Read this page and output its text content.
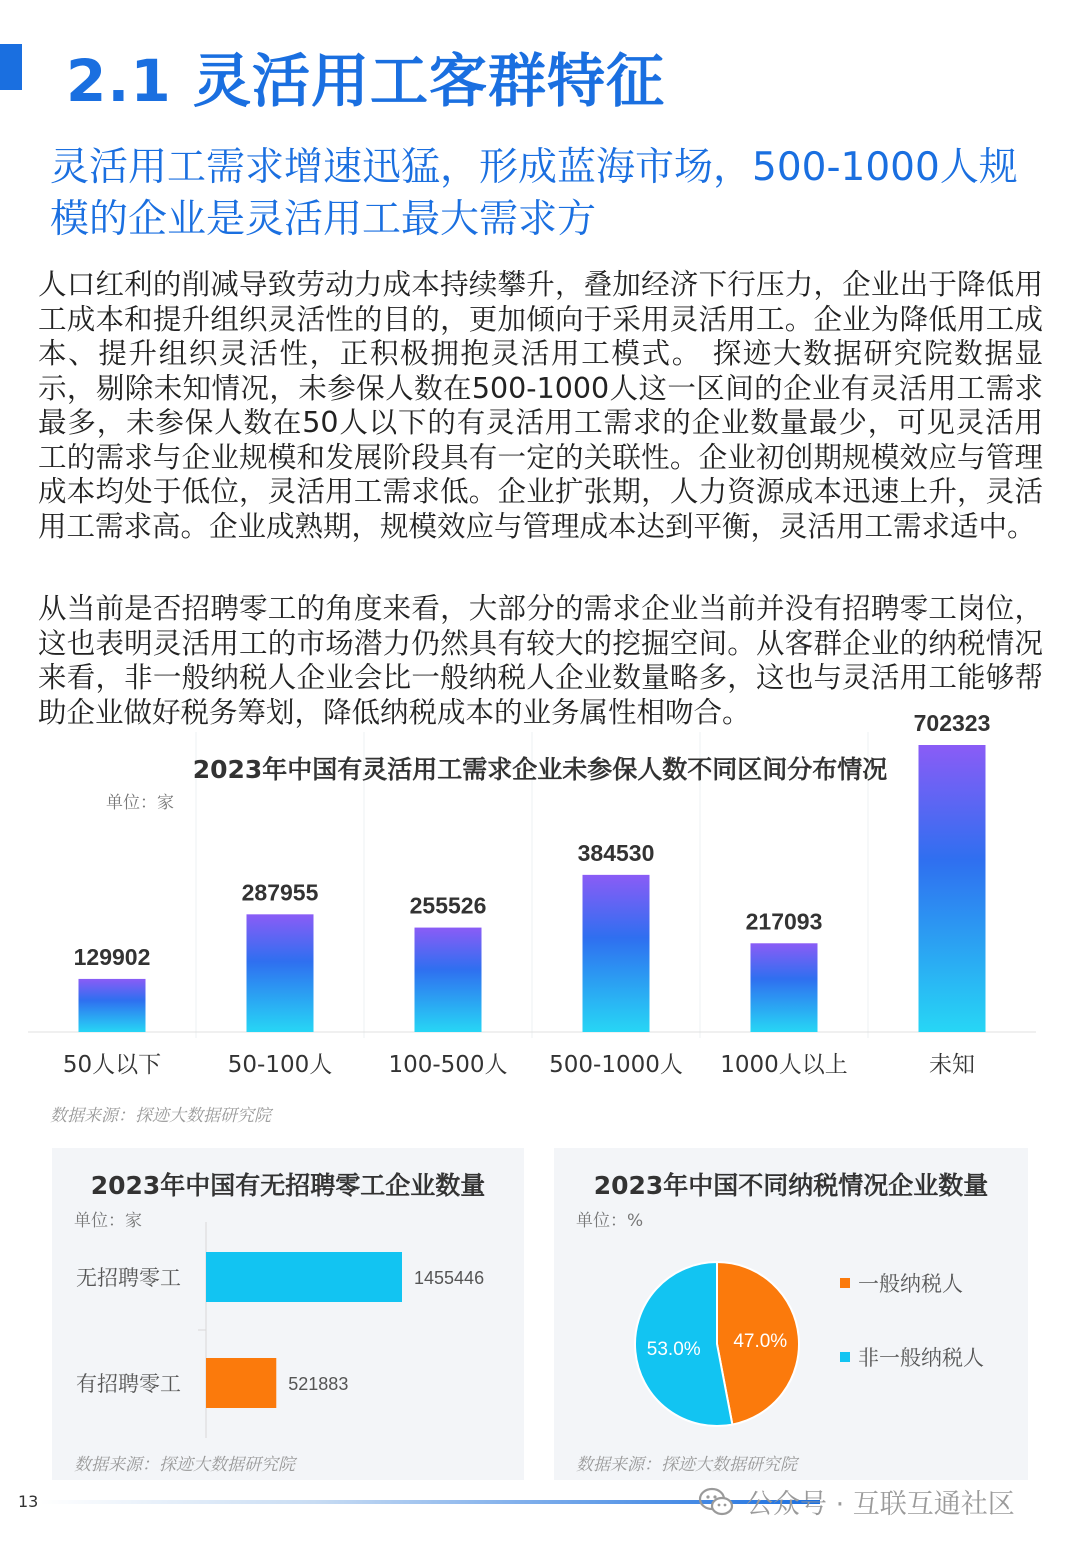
2.1 灵活用工客群特征
灵活用工需求增速迅猛，形成蓝海市场，500-1000人规模的企业是灵活用工最大需求方

人口红利的削减导致劳动力成本持续攀升，叠加经济下行压力，企业出于降低用工成本和提升组织灵活性的目的，更加倾向于采用灵活用工。企业为降低用工成本、提升组织灵活性，正积极拥抱灵活用工模式。 探迹大数据研究院数据显示，剔除未知情况，未参保人数在500-1000人这一区间的企业有灵活用工需求最多，未参保人数在50人以下的有灵活用工需求的企业数量最少，可见灵活用工的需求与企业规模和发展阶段具有一定的关联性。企业初创期规模效应与管理成本均处于低位，灵活用工需求低。企业扩张期，人力资源成本迅速上升，灵活用工需求高。企业成熟期，规模效应与管理成本达到平衡，灵活用工需求适中。

从当前是否招聘零工的角度来看，大部分的需求企业当前并没有招聘零工岗位，这也表明灵活用工的市场潜力仍然具有较大的挖掘空间。从客群企业的纳税情况来看，非一般纳税人企业会比一般纳税人企业数量略多，这也与灵活用工能够帮助企业做好税务筹划，降低纳税成本的业务属性相吻合。

129902
50人以下
287955
50-100人
255526
100-500人
384530
500-1000人
217093
1000人以上
702323
未知
2023年中国有灵活用工需求企业未参保人数不同区间分布情况
单位：家
数据来源：探迹大数据研究院
2023年中国有无招聘零工企业数量
单位：家
无招聘零工	1455446
有招聘零工	521883
数据来源：探迹大数据研究院
2023年中国不同纳税情况企业数量
单位：%
47.0%
53.0%
一般纳税人
非一般纳税人
数据来源：探迹大数据研究院
13	公众号 · 互联互通社区
